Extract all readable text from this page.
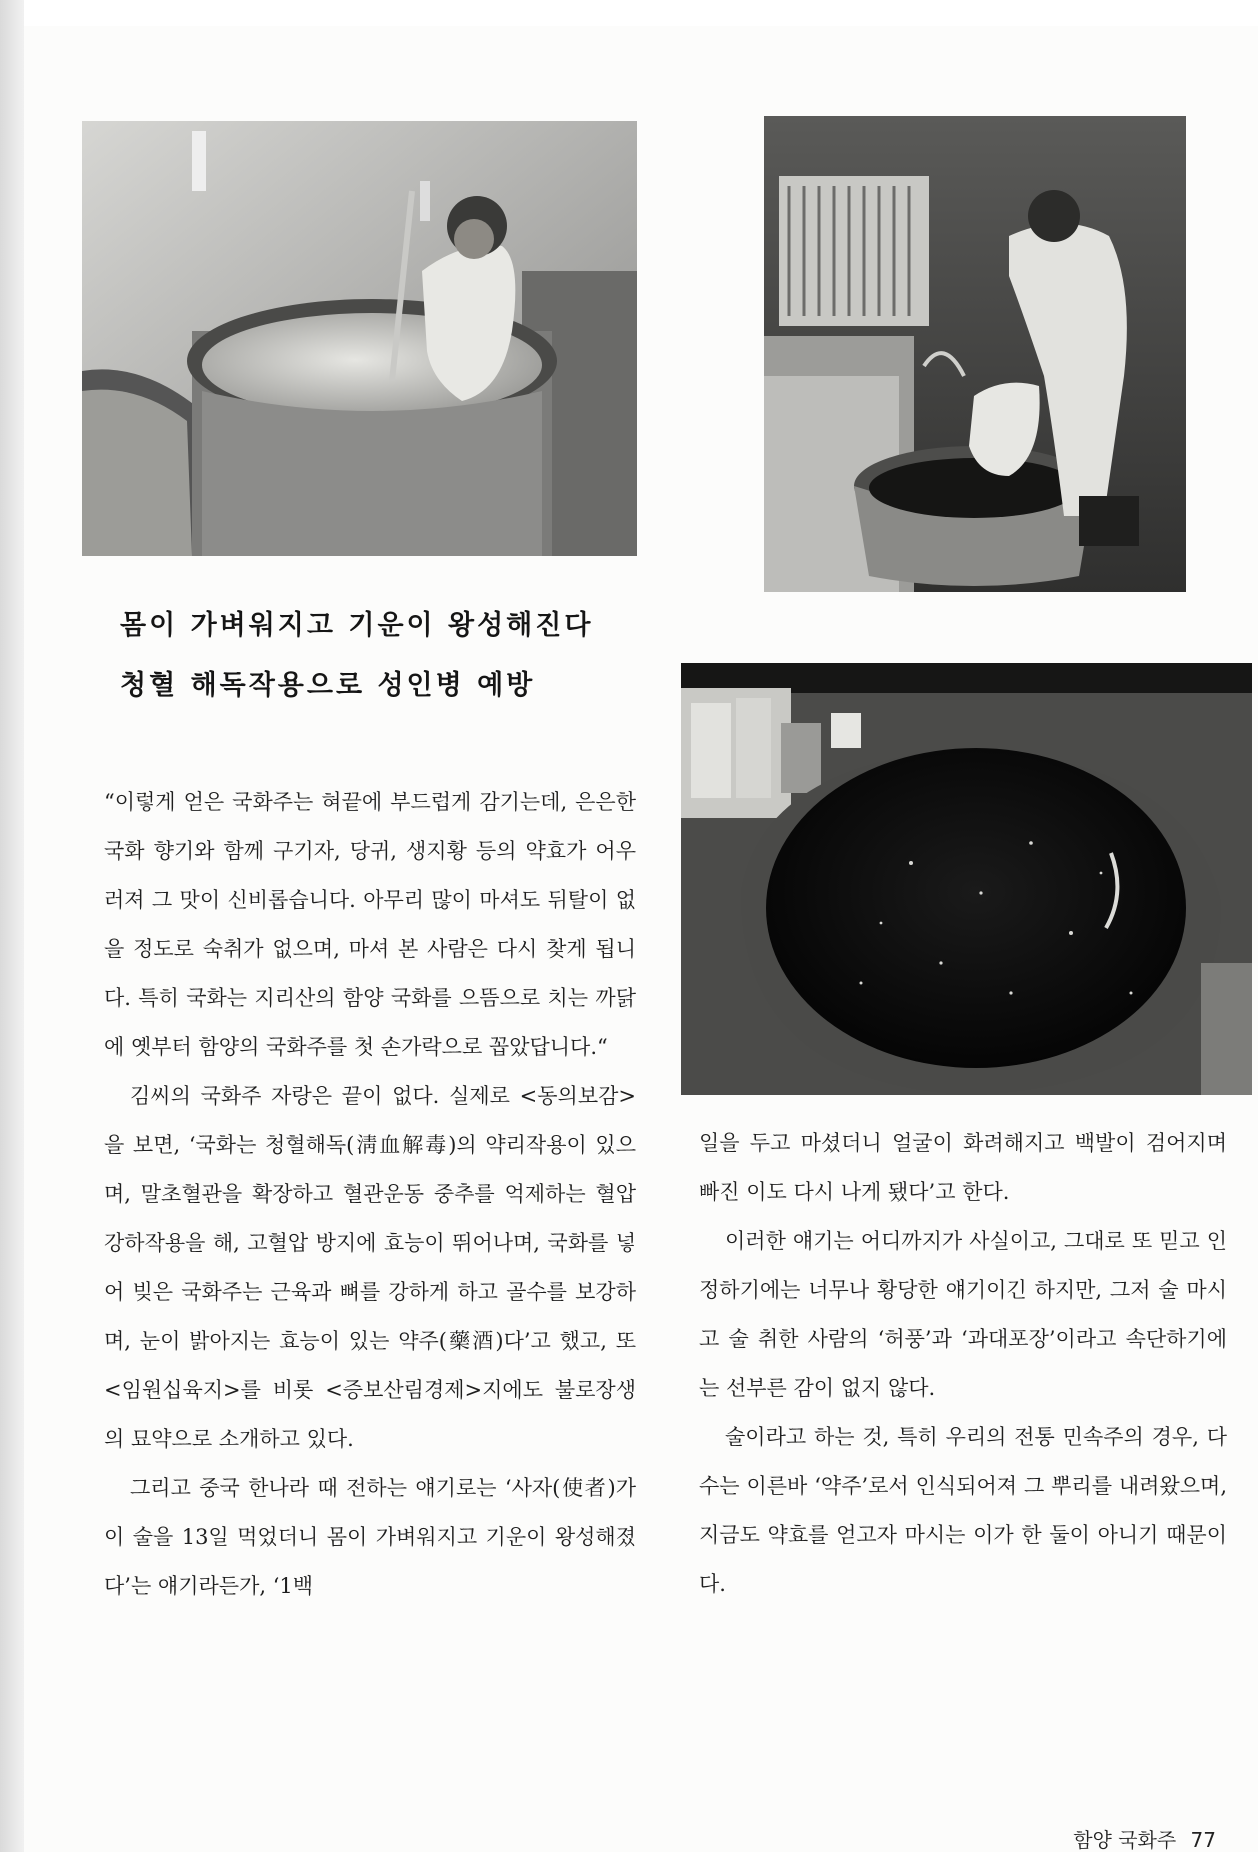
몸이 가벼워지고 기운이 왕성해진다
청혈 해독작용으로 성인병 예방

“이렇게 얻은 국화주는 혀끝에 부드럽게 감기는데, 은은한 국화 향기와 함께 구기자, 당귀, 생지황 등의 약효가 어우러져 그 맛이 신비롭습니다. 아무리 많이 마셔도 뒤탈이 없을 정도로 숙취가 없으며, 마셔 본 사람은 다시 찾게 됩니다. 특히 국화는 지리산의 함양 국화를 으뜸으로 치는 까닭에 옛부터 함양의 국화주를 첫 손가락으로 꼽았답니다.“

김씨의 국화주 자랑은 끝이 없다. 실제로 <동의보감>을 보면, ‘국화는 청혈해독(淸血解毒)의 약리작용이 있으며, 말초혈관을 확장하고 혈관운동 중추를 억제하는 혈압 강하작용을 해, 고혈압 방지에 효능이 뛰어나며, 국화를 넣어 빚은 국화주는 근육과 뼈를 강하게 하고 골수를 보강하며, 눈이 밝아지는 효능이 있는 약주(藥酒)다’고 했고, 또 <임원십육지>를 비롯 <증보산림경제>지에도 불로장생의 묘약으로 소개하고 있다.

그리고 중국 한나라 때 전하는 얘기로는 ‘사자(使者)가 이 술을 13일 먹었더니 몸이 가벼워지고 기운이 왕성해졌다’는 얘기라든가, ‘1백

일을 두고 마셨더니 얼굴이 화려해지고 백발이 검어지며 빠진 이도 다시 나게 됐다’고 한다.

이러한 얘기는 어디까지가 사실이고, 그대로 또 믿고 인정하기에는 너무나 황당한 얘기이긴 하지만, 그저 술 마시고 술 취한 사람의 ‘허풍’과 ‘과대포장’이라고 속단하기에는 선부른 감이 없지 않다.

술이라고 하는 것, 특히 우리의 전통 민속주의 경우, 다수는 이른바 ‘약주’로서 인식되어져 그 뿌리를 내려왔으며, 지금도 약효를 얻고자 마시는 이가 한 둘이 아니기 때문이다.

함양 국화주 77
